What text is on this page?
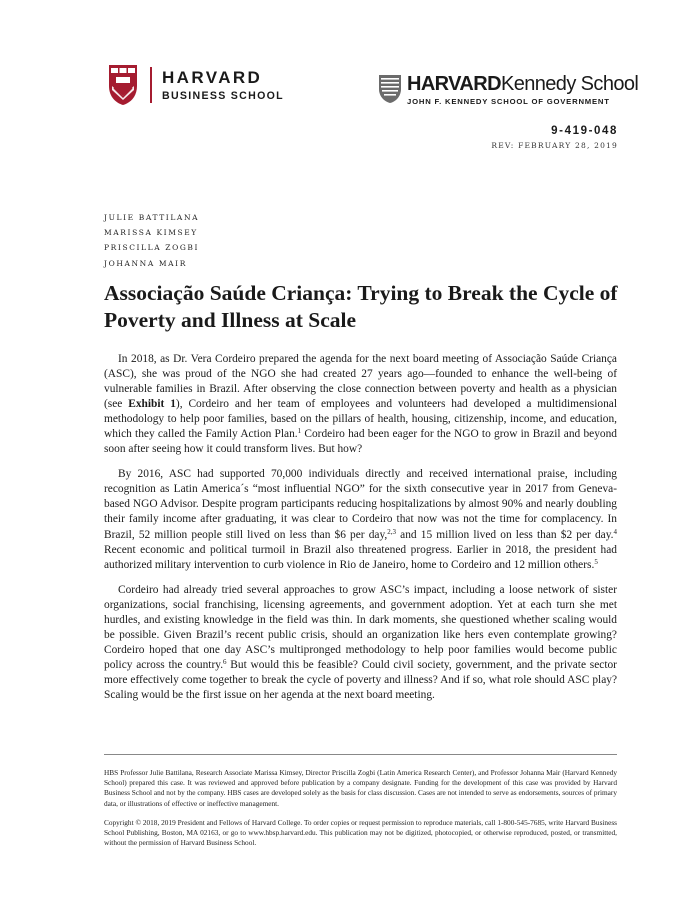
HARVARD
BUSINESS SCHOOL
HARVARDKennedy School
JOHN F. KENNEDY SCHOOL OF GOVERNMENT
9-419-048
REV: FEBRUARY 28, 2019
JULIE BATTILANA
MARISSA KIMSEY
PRISCILLA ZOGBI
JOHANNA MAIR
Associação Saúde Criança: Trying to Break the Cycle of Poverty and Illness at Scale

In 2018, as Dr. Vera Cordeiro prepared the agenda for the next board meeting of Associação Saúde Criança (ASC), she was proud of the NGO she had created 27 years ago—founded to enhance the well-being of vulnerable families in Brazil. After observing the close connection between poverty and health as a physician (see Exhibit 1), Cordeiro and her team of employees and volunteers had developed a multidimensional methodology to help poor families, based on the pillars of health, housing, citizenship, income, and education, which they called the Family Action Plan.$^1$ Cordeiro had been eager for the NGO to grow in Brazil and beyond soon after seeing how it could transform lives. But how?

By 2016, ASC had supported 70,000 individuals directly and received international praise, including recognition as Latin America´s “most influential NGO” for the sixth consecutive year in 2017 from Geneva-based NGO Advisor. Despite program participants reducing hospitalizations by almost 90% and nearly doubling their family income after graduating, it was clear to Cordeiro that now was not the time for complacency. In Brazil, 52 million people still lived on less than $6 per day,$^{2,3}$ and 15 million lived on less than $2 per day.$^4$ Recent economic and political turmoil in Brazil also threatened progress. Earlier in 2018, the president had authorized military intervention to curb violence in Rio de Janeiro, home to Cordeiro and 12 million others.$^5$

Cordeiro had already tried several approaches to grow ASC’s impact, including a loose network of sister organizations, social franchising, licensing agreements, and government adoption. Yet at each turn she met hurdles, and existing knowledge in the field was thin. In dark moments, she questioned whether scaling would be possible. Given Brazil’s recent public crisis, should an organization like hers even contemplate growing? Cordeiro hoped that one day ASC’s multipronged methodology to help poor families would become public policy across the country.$^6$ But would this be feasible? Could civil society, government, and the private sector more effectively come together to break the cycle of poverty and illness? And if so, what role should ASC play? Scaling would be the first issue on her agenda at the next board meeting.

HBS Professor Julie Battilana, Research Associate Marissa Kimsey, Director Priscilla Zogbi (Latin America Research Center), and Professor Johanna Mair (Harvard Kennedy School) prepared this case. It was reviewed and approved before publication by a company designate. Funding for the development of this case was provided by Harvard Business School and not by the company. HBS cases are developed solely as the basis for class discussion. Cases are not intended to serve as endorsements, sources of primary data, or illustrations of effective or ineffective management.

Copyright © 2018, 2019 President and Fellows of Harvard College. To order copies or request permission to reproduce materials, call 1-800-545-7685, write Harvard Business School Publishing, Boston, MA 02163, or go to www.hbsp.harvard.edu. This publication may not be digitized, photocopied, or otherwise reproduced, posted, or transmitted, without the permission of Harvard Business School.
